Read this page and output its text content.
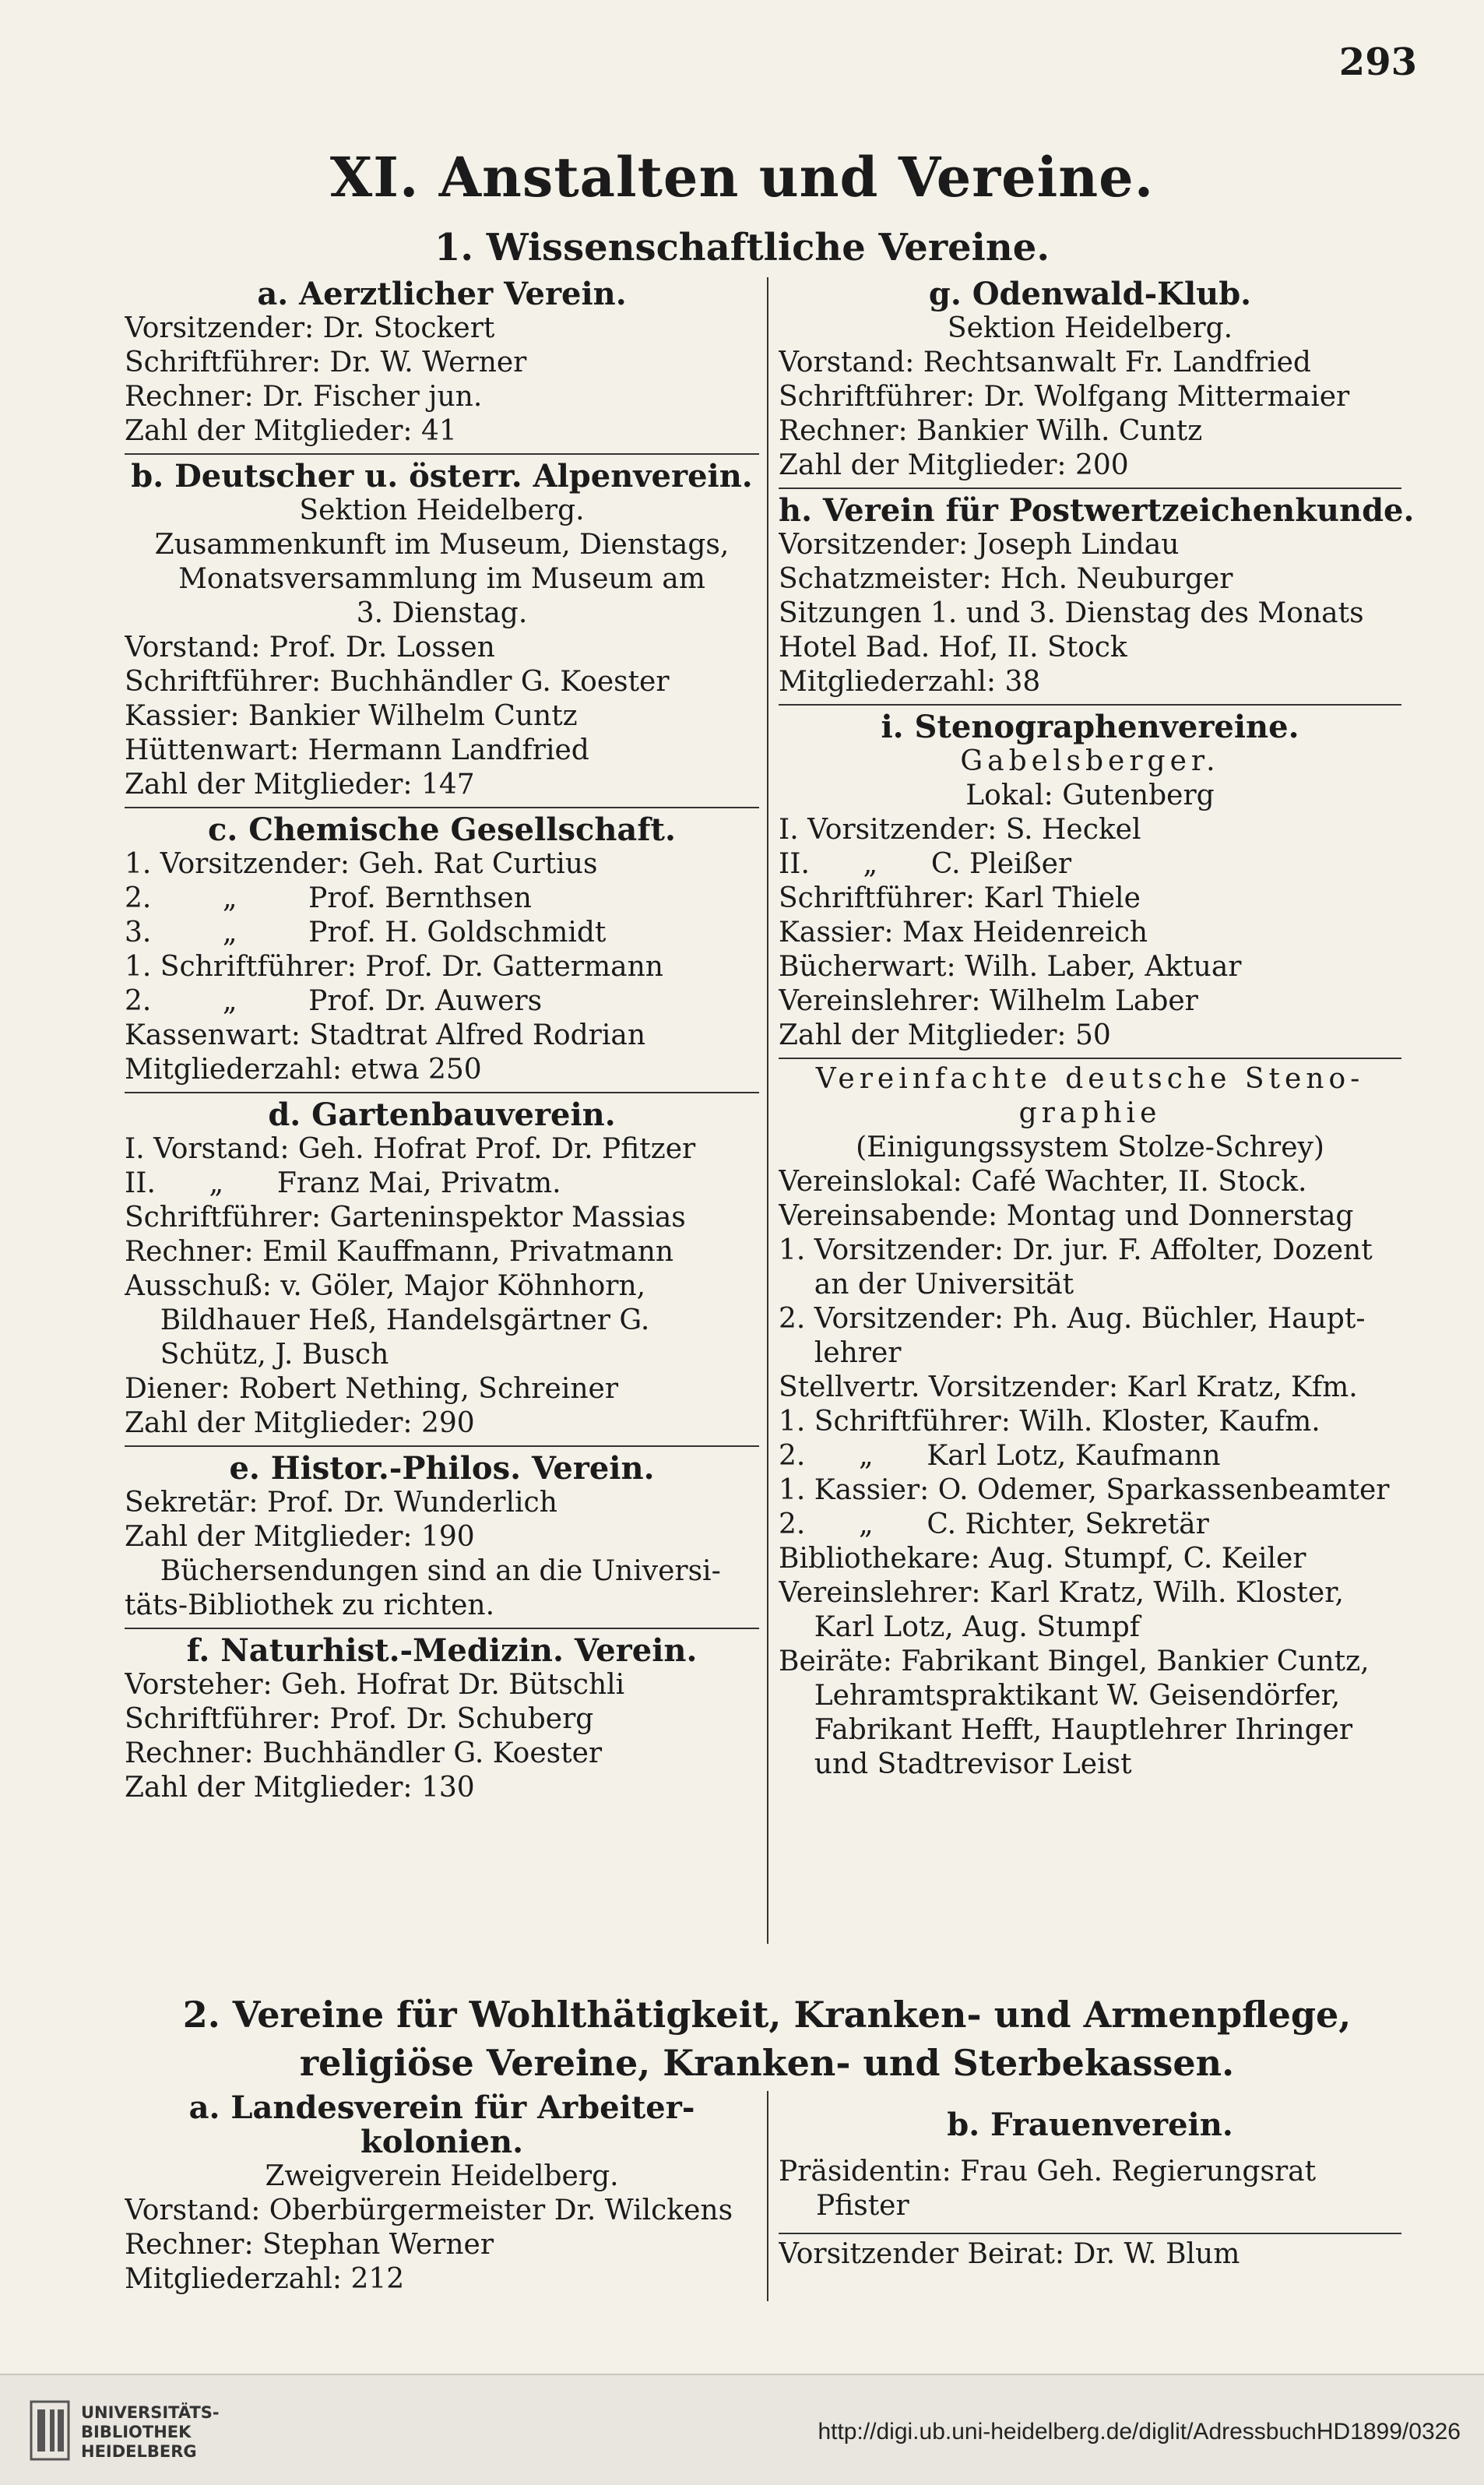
293
XI. Anstalten und Vereine.
1. Wissenschaftliche Vereine.
a. Aerztlicher Verein.
Vorsitzender: Dr. Stockert
Schriftführer: Dr. W. Werner
Rechner: Dr. Fischer jun.
Zahl der Mitglieder: 41
b. Deutscher u. österr. Alpenverein.
Sektion Heidelberg.
Zusammenkunft im Museum, Dienstags,
Monatsversammlung im Museum am
3. Dienstag.
Vorstand: Prof. Dr. Lossen
Schriftführer: Buchhändler G. Koester
Kassier: Bankier Wilhelm Cuntz
Hüttenwart: Hermann Landfried
Zahl der Mitglieder: 147
c. Chemische Gesellschaft.
1. Vorsitzender: Geh. Rat Curtius
2.        „        Prof. Bernthsen
3.        „        Prof. H. Goldschmidt
1. Schriftführer: Prof. Dr. Gattermann
2.        „        Prof. Dr. Auwers
Kassenwart: Stadtrat Alfred Rodrian
Mitgliederzahl: etwa 250
d. Gartenbauverein.
I. Vorstand: Geh. Hofrat Prof. Dr. Pfitzer
II.      „      Franz Mai, Privatm.
Schriftführer: Garteninspektor Massias
Rechner: Emil Kauffmann, Privatmann
Ausschuß: v. Göler, Major Köhnhorn,
Bildhauer Heß, Handelsgärtner G.
Schütz, J. Busch
Diener: Robert Nething, Schreiner
Zahl der Mitglieder: 290
e. Histor.-Philos. Verein.
Sekretär: Prof. Dr. Wunderlich
Zahl der Mitglieder: 190
Büchersendungen sind an die Universi-
täts-Bibliothek zu richten.
f. Naturhist.-Medizin. Verein.
Vorsteher: Geh. Hofrat Dr. Bütschli
Schriftführer: Prof. Dr. Schuberg
Rechner: Buchhändler G. Koester
Zahl der Mitglieder: 130
g. Odenwald-Klub.
Sektion Heidelberg.
Vorstand: Rechtsanwalt Fr. Landfried
Schriftführer: Dr. Wolfgang Mittermaier
Rechner: Bankier Wilh. Cuntz
Zahl der Mitglieder: 200
h. Verein für Postwertzeichenkunde.
Vorsitzender: Joseph Lindau
Schatzmeister: Hch. Neuburger
Sitzungen 1. und 3. Dienstag des Monats
Hotel Bad. Hof, II. Stock
Mitgliederzahl: 38
i. Stenographenvereine.
Gabelsberger.
Lokal: Gutenberg
I. Vorsitzender: S. Heckel
II.      „      C. Pleißer
Schriftführer: Karl Thiele
Kassier: Max Heidenreich
Bücherwart: Wilh. Laber, Aktuar
Vereinslehrer: Wilhelm Laber
Zahl der Mitglieder: 50
Vereinfachte deutsche Steno-
graphie
(Einigungssystem Stolze-Schrey)
Vereinslokal: Café Wachter, II. Stock.
Vereinsabende: Montag und Donnerstag
1. Vorsitzender: Dr. jur. F. Affolter, Dozent
an der Universität
2. Vorsitzender: Ph. Aug. Büchler, Haupt-
lehrer
Stellvertr. Vorsitzender: Karl Kratz, Kfm.
1. Schriftführer: Wilh. Kloster, Kaufm.
2.      „      Karl Lotz, Kaufmann
1. Kassier: O. Odemer, Sparkassenbeamter
2.      „      C. Richter, Sekretär
Bibliothekare: Aug. Stumpf, C. Keiler
Vereinslehrer: Karl Kratz, Wilh. Kloster,
Karl Lotz, Aug. Stumpf
Beiräte: Fabrikant Bingel, Bankier Cuntz,
Lehramtspraktikant W. Geisendörfer,
Fabrikant Hefft, Hauptlehrer Ihringer
und Stadtrevisor Leist
2. Vereine für Wohlthätigkeit, Kranken- und Armenpflege, religiöse Vereine, Kranken- und Sterbekassen.
a. Landesverein für Arbeiter-
kolonien.
Zweigverein Heidelberg.
Vorstand: Oberbürgermeister Dr. Wilckens
Rechner: Stephan Werner
Mitgliederzahl: 212
b. Frauenverein.
Präsidentin: Frau Geh. Regierungsrat
Pfister
Vorsitzender Beirat: Dr. W. Blum
UNIVERSITÄTS-
BIBLIOTHEK
HEIDELBERG
http://digi.ub.uni-heidelberg.de/diglit/AdressbuchHD1899/0326
